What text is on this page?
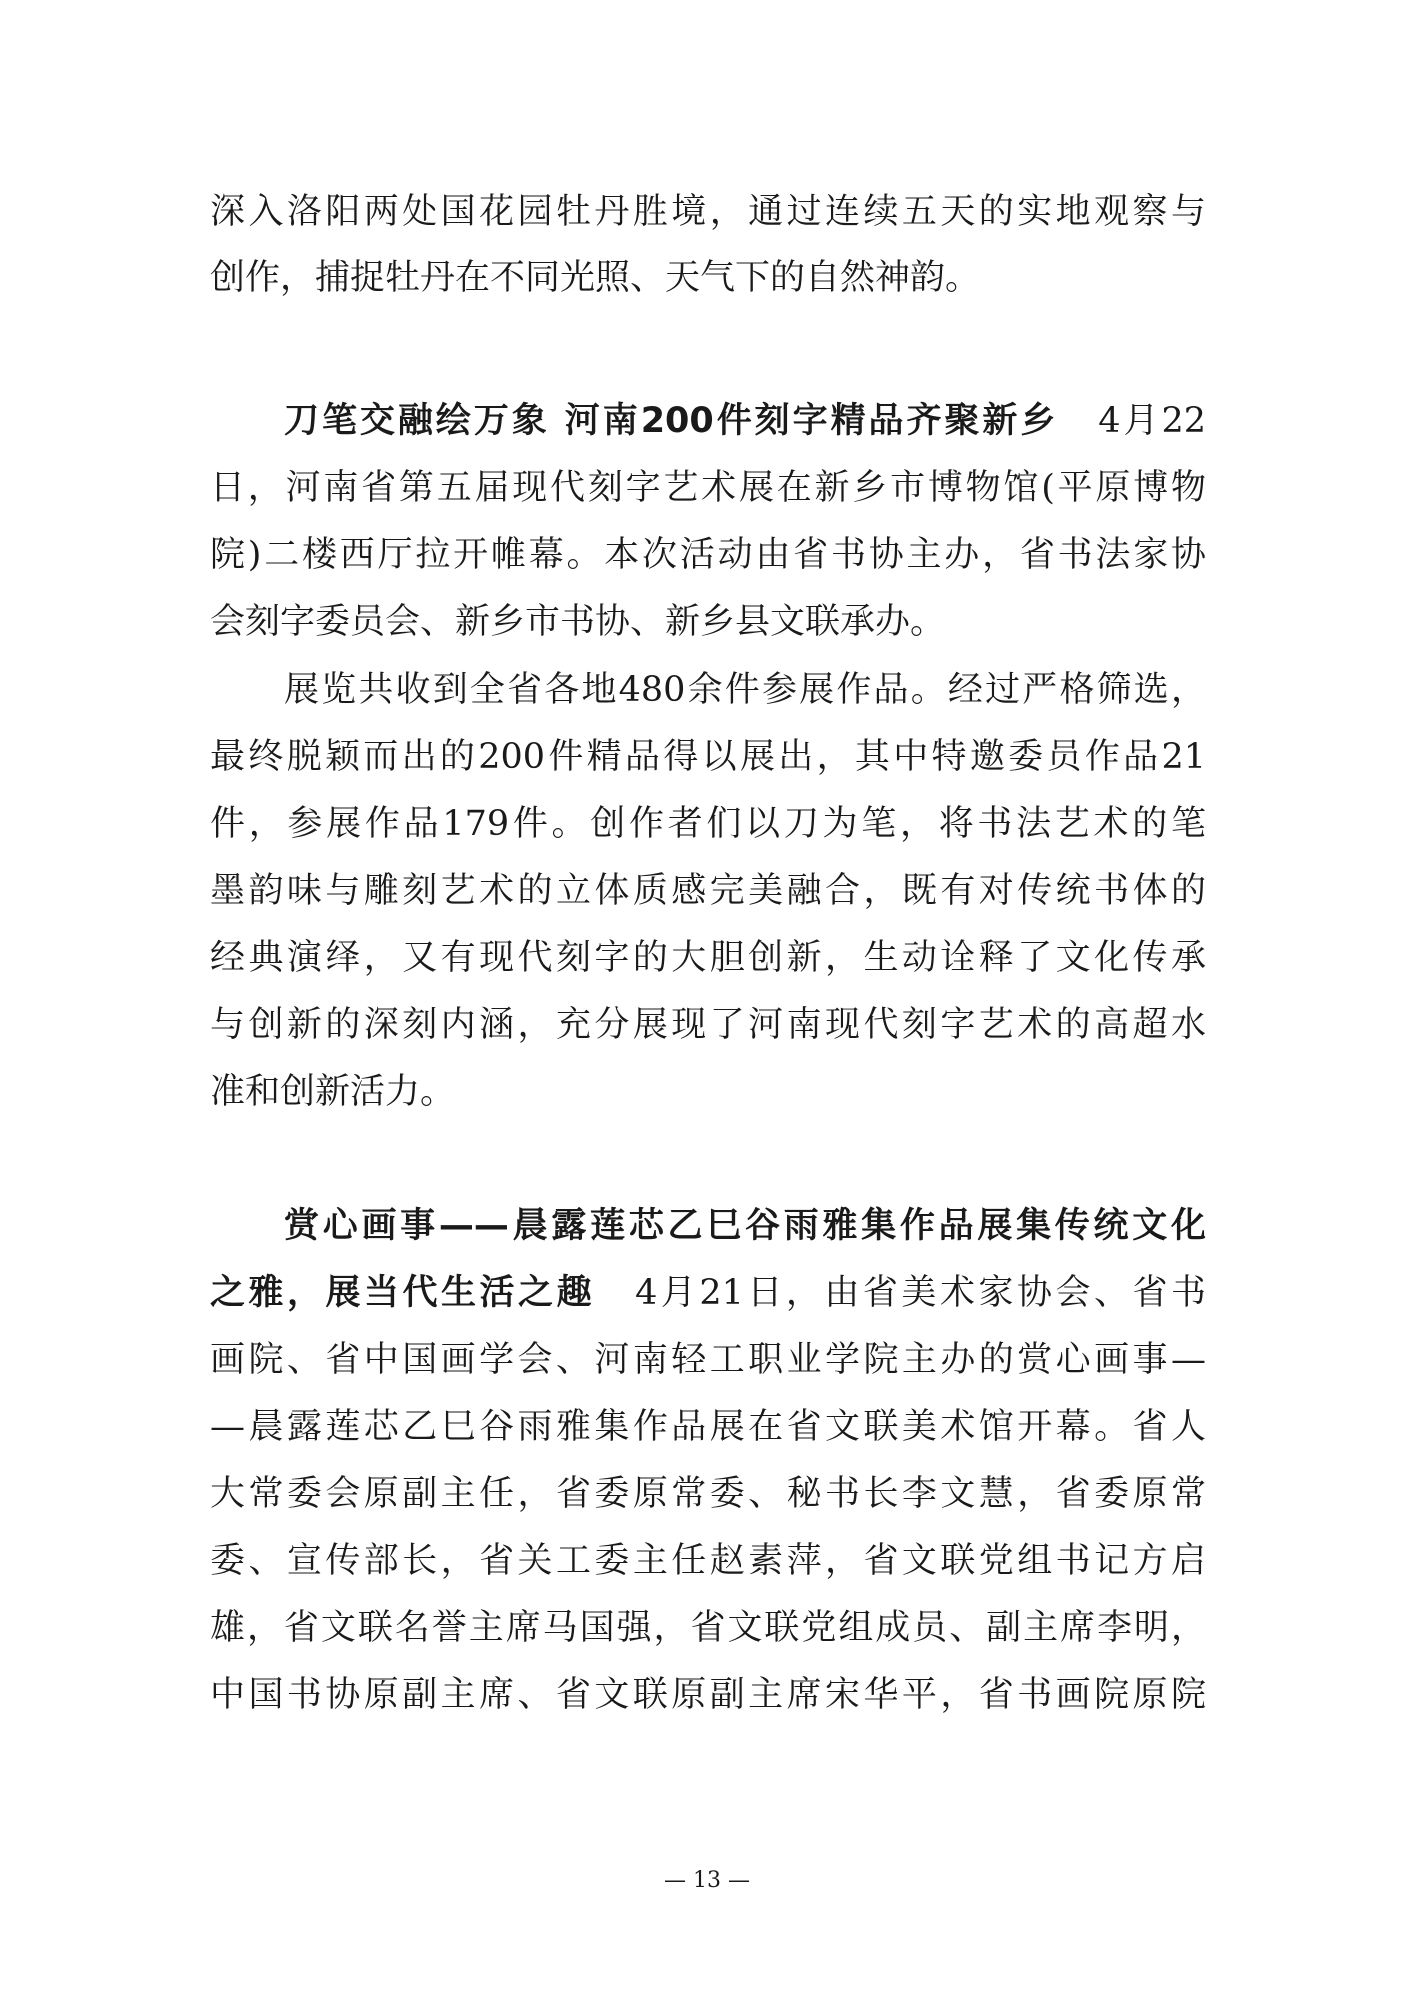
深入洛阳两处国花园牡丹胜境，通过连续五天的实地观察与
创作，捕捉牡丹在不同光照、天气下的自然神韵。
刀笔交融绘万象 河南200件刻字精品齐聚新乡 4月22
日，河南省第五届现代刻字艺术展在新乡市博物馆(平原博物
院)二楼西厅拉开帷幕。本次活动由省书协主办，省书法家协
会刻字委员会、新乡市书协、新乡县文联承办。
展览共收到全省各地480余件参展作品。经过严格筛选，
最终脱颖而出的200件精品得以展出，其中特邀委员作品21
件，参展作品179件。创作者们以刀为笔，将书法艺术的笔
墨韵味与雕刻艺术的立体质感完美融合，既有对传统书体的
经典演绎，又有现代刻字的大胆创新，生动诠释了文化传承
与创新的深刻内涵，充分展现了河南现代刻字艺术的高超水
准和创新活力。
赏心画事——晨露莲芯乙巳谷雨雅集作品展集传统文化
之雅，展当代生活之趣 4月21日，由省美术家协会、省书
画院、省中国画学会、河南轻工职业学院主办的赏心画事—
—晨露莲芯乙巳谷雨雅集作品展在省文联美术馆开幕。省人
大常委会原副主任，省委原常委、秘书长李文慧，省委原常
委、宣传部长，省关工委主任赵素萍，省文联党组书记方启
雄，省文联名誉主席马国强，省文联党组成员、副主席李明，
中国书协原副主席、省文联原副主席宋华平，省书画院原院
— 13 —
